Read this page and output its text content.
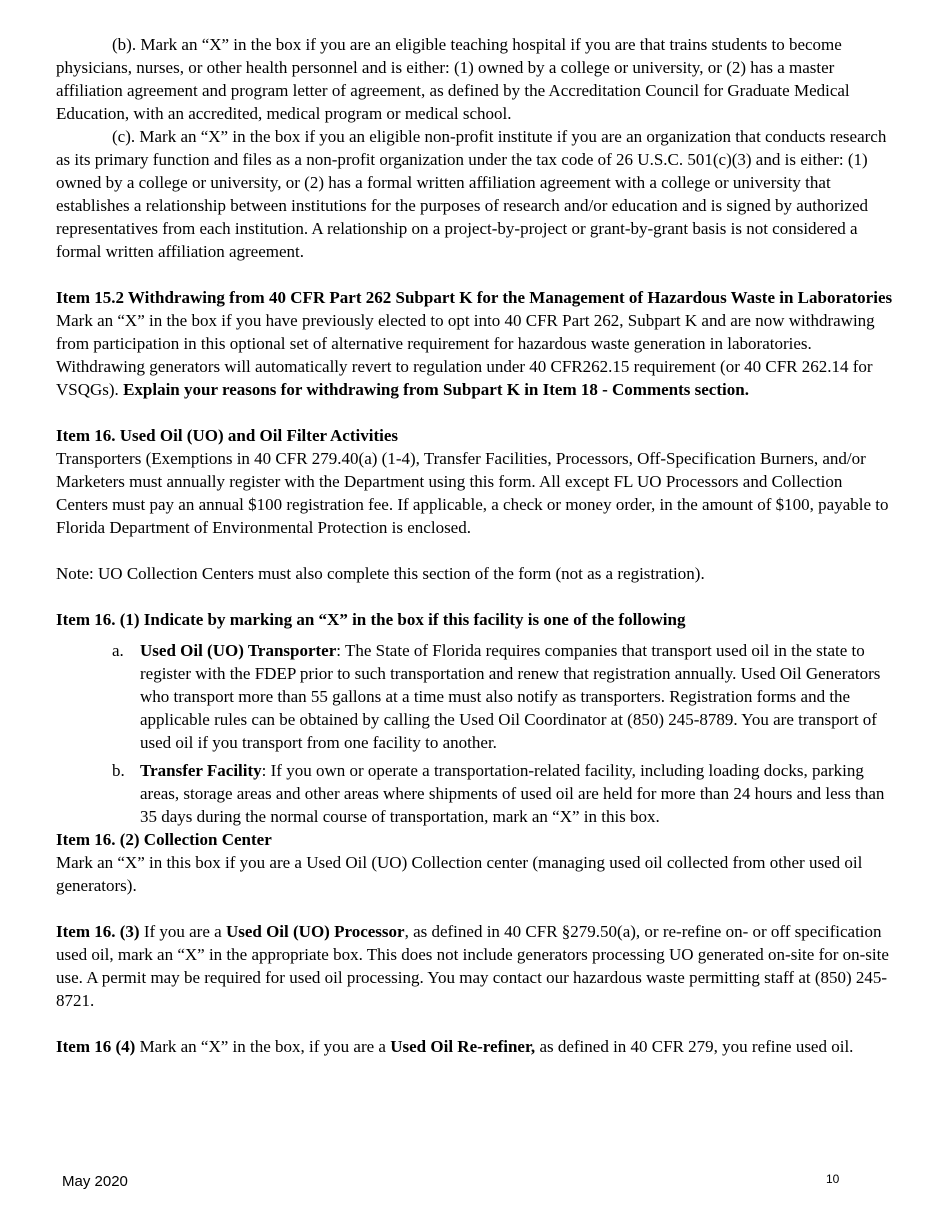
(b). Mark an “X” in the box if you are an eligible teaching hospital if you are that trains students to become physicians, nurses, or other health personnel and is either: (1) owned by a college or university, or (2) has a master affiliation agreement and program letter of agreement, as defined by the Accreditation Council for Graduate Medical Education, with an accredited, medical program or medical school.

(c). Mark an “X” in the box if you an eligible non-profit institute if you are an organization that conducts research as its primary function and files as a non-profit organization under the tax code of 26 U.S.C. 501(c)(3) and is either: (1) owned by a college or university, or (2) has a formal written affiliation agreement with a college or university that establishes a relationship between institutions for the purposes of research and/or education and is signed by authorized representatives from each institution. A relationship on a project-by-project or grant-by-grant basis is not considered a formal written affiliation agreement.

Item 15.2 Withdrawing from 40 CFR Part 262 Subpart K for the Management of Hazardous Waste in Laboratories

Mark an “X” in the box if you have previously elected to opt into 40 CFR Part 262, Subpart K and are now withdrawing from participation in this optional set of alternative requirement for hazardous waste generation in laboratories. Withdrawing generators will automatically revert to regulation under 40 CFR262.15 requirement (or 40 CFR 262.14 for VSQGs). Explain your reasons for withdrawing from Subpart K in Item 18 - Comments section.

Item 16. Used Oil (UO) and Oil Filter Activities

Transporters (Exemptions in 40 CFR 279.40(a) (1-4), Transfer Facilities, Processors, Off-Specification Burners, and/or Marketers must annually register with the Department using this form. All except FL UO Processors and Collection Centers must pay an annual $100 registration fee. If applicable, a check or money order, in the amount of $100, payable to Florida Department of Environmental Protection is enclosed.

Note: UO Collection Centers must also complete this section of the form (not as a registration).

Item 16. (1) Indicate by marking an “X” in the box if this facility is one of the following

a. Used Oil (UO) Transporter: The State of Florida requires companies that transport used oil in the state to register with the FDEP prior to such transportation and renew that registration annually. Used Oil Generators who transport more than 55 gallons at a time must also notify as transporters. Registration forms and the applicable rules can be obtained by calling the Used Oil Coordinator at (850) 245-8789. You are transport of used oil if you transport from one facility to another.
b. Transfer Facility: If you own or operate a transportation-related facility, including loading docks, parking areas, storage areas and other areas where shipments of used oil are held for more than 24 hours and less than 35 days during the normal course of transportation, mark an “X” in this box.

Item 16. (2) Collection Center

Mark an “X” in this box if you are a Used Oil (UO) Collection center (managing used oil collected from other used oil generators).

Item 16. (3) If you are a Used Oil (UO) Processor, as defined in 40 CFR §279.50(a), or re-refine on- or off specification used oil, mark an “X” in the appropriate box. This does not include generators processing UO generated on-site for on-site use. A permit may be required for used oil processing. You may contact our hazardous waste permitting staff at (850) 245-8721.

Item 16 (4) Mark an “X” in the box, if you are a Used Oil Re-refiner, as defined in 40 CFR 279, you refine used oil.

May 2020	10
